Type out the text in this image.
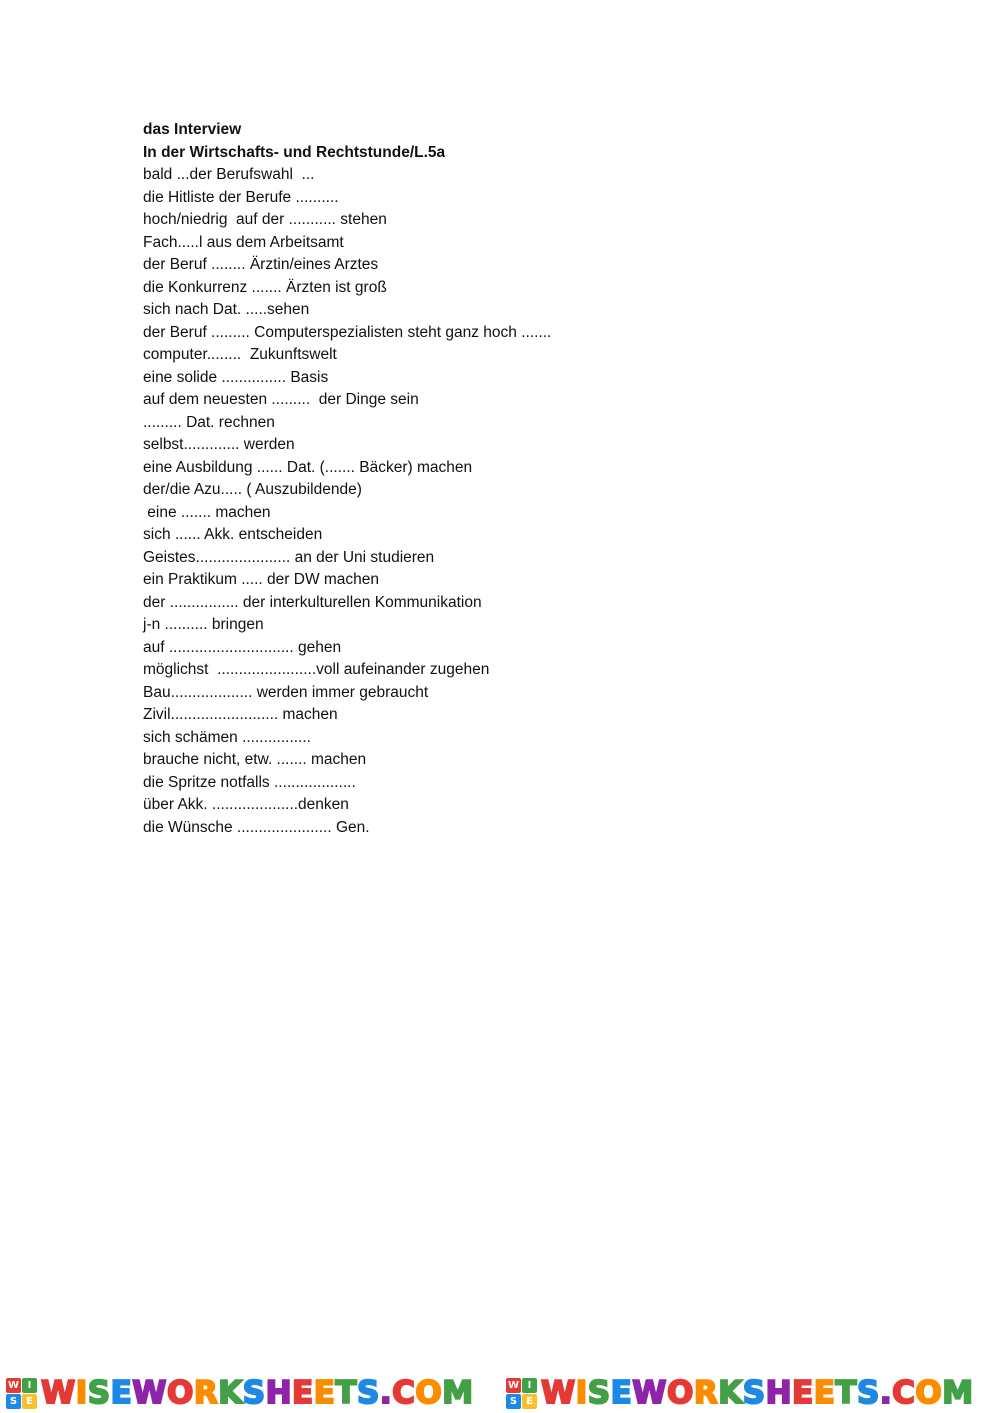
das Interview
In der Wirtschafts- und Rechtstunde/L.5a
bald ...der Berufswahl  ...
die Hitliste der Berufe ..........
hoch/niedrig  auf der ........... stehen
Fach.....l aus dem Arbeitsamt
der Beruf ........ Ärztin/eines Arztes
die Konkurrenz ....... Ärzten ist groß
sich nach Dat. .....sehen
der Beruf ......... Computerspezialisten steht ganz hoch .......
computer........  Zukunftswelt
eine solide ............... Basis
auf dem neuesten .........  der Dinge sein
......... Dat. rechnen
selbst............. werden
eine Ausbildung ...... Dat. (....... Bäcker) machen
der/die Azu..... ( Auszubildende)
eine ....... machen
sich ...... Akk. entscheiden
Geistes...................... an der Uni studieren
ein Praktikum ..... der DW machen
der ................ der interkulturellen Kommunikation
j-n .......... bringen
auf ............................. gehen
möglichst  .......................voll aufeinander zugehen
Bau................... werden immer gebraucht
Zivil......................... machen
sich schämen ................
brauche nicht, etw. ....... machen
die Spritze notfalls ...................
über Akk. ....................denken
die Wünsche ...................... Gen.
W I
S E W I S E W O R K S H E E T S . C O M	W I
S E W I S E W O R K S H E E T S . C O M
